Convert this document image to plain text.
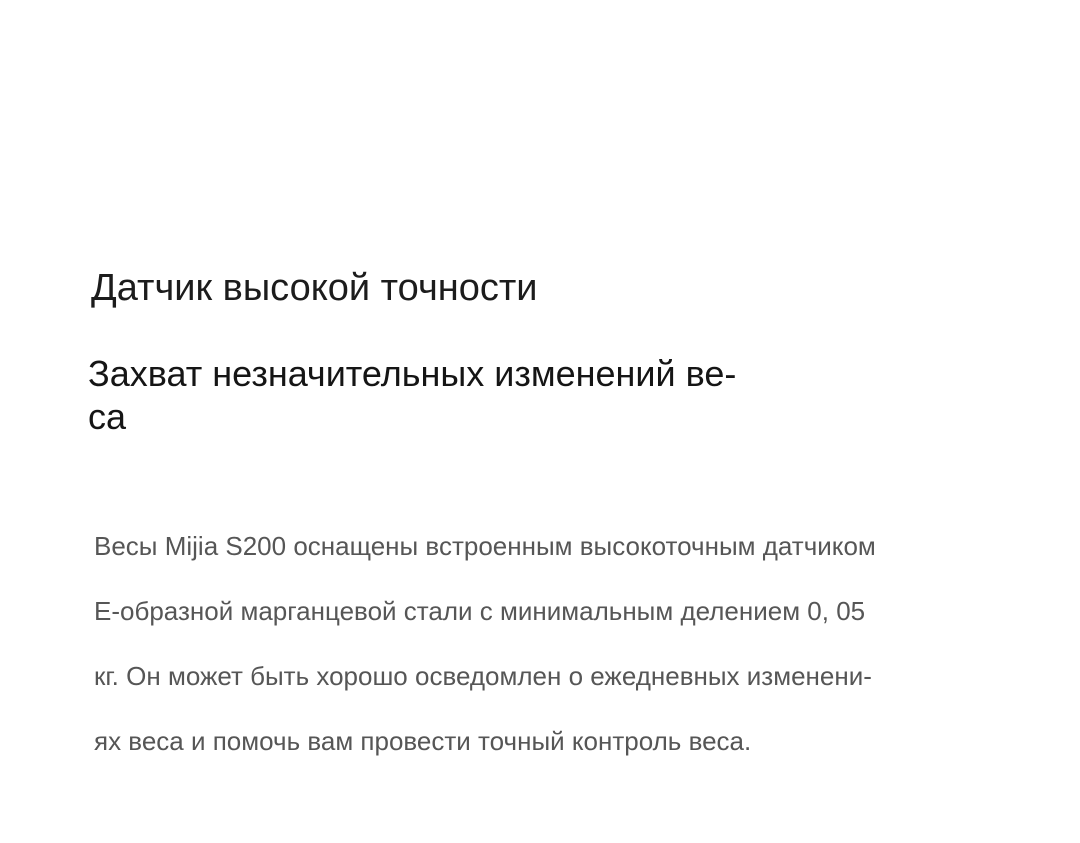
Датчик высокой точности
Захват незначительных изменений ве-
са

Весы Mijia S200 оснащены встроенным высокоточным датчиком
E-образной марганцевой стали с минимальным делением 0, 05
кг. Он может быть хорошо осведомлен о ежедневных изменени-
ях веса и помочь вам провести точный контроль веса.
